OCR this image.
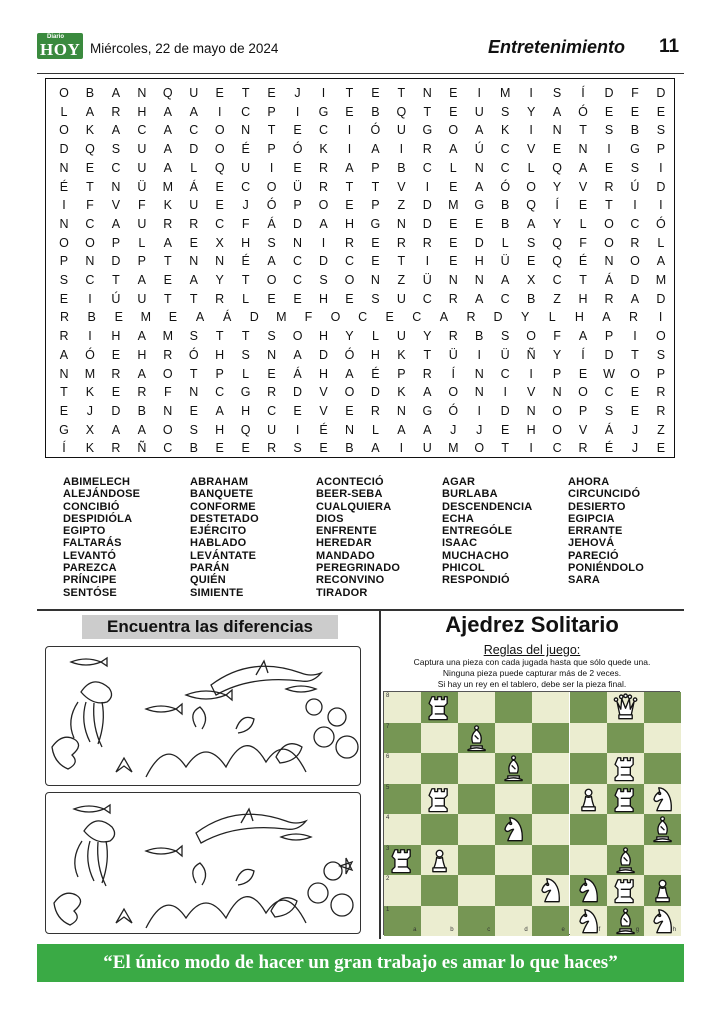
Diario
HOY Miércoles, 22 de mayo de 2024	Entretenimiento 11
O	B	A	N	Q	U	E	T	E	J	I	T	E	T	N	E	I	M	I	S	Í	D	F	D
L	A	R	H	A	A	I	C	P	I	G	E	B	Q	T	E	U	S	Y	A	Ó	E	E	E
O	K	A	C	A	C	O	N	T	E	C	I	Ó	U	G	O	A	K	I	N	T	S	B	S
D	Q	S	U	A	D	O	É	P	Ó	K	I	A	I	R	A	Ú	C	V	E	N	I	G	P
N	E	C	U	A	L	Q	U	I	E	R	A	P	B	C	L	N	C	L	Q	A	E	S	I
É	T	N	Ü	M	Á	E	C	O	Ü	R	T	T	V	I	E	A	Ó	O	Y	V	R	Ú	D
I	F	V	F	K	U	E	J	Ó	P	O	E	P	Z	D	M	G	B	Q	Í	E	T	I	I
N	C	A	U	R	R	C	F	Á	D	A	H	G	N	D	E	E	B	A	Y	L	O	C	Ó
O	O	P	L	A	E	X	H	S	N	I	R	E	R	R	E	D	L	S	Q	F	O	R	L
P	N	D	P	T	N	N	É	A	C	D	C	E	T	I	E	H	Ü	E	Q	É	N	O	A
S	C	T	A	E	A	Y	T	O	C	S	O	N	Z	Ü	N	N	A	X	C	T	Á	D	M
E	I	Ú	U	T	T	R	L	E	E	H	E	S	U	C	R	A	C	B	Z	H	R	A	D
R	B	E	M	E	A	Á	D	M	F	O	C	E	C	A	R	D	Y	L	H	A	R	I
R	I	H	A	M	S	T	T	S	O	H	Y	L	U	Y	R	B	S	O	F	A	P	I	O
A	Ó	E	H	R	Ó	H	S	N	A	D	Ó	H	K	T	Ü	I	Ü	Ñ	Y	Í	D	T	S
N	M	R	A	O	T	P	L	E	Á	H	A	É	P	R	Í	N	C	I	P	E	W	O	P
T	K	E	R	F	N	C	G	R	D	V	O	D	K	A	O	N	I	V	N	O	C	E	R
E	J	D	B	N	E	A	H	C	E	V	E	R	N	G	Ó	I	D	N	O	P	S	E	R
G	X	A	A	O	S	H	Q	U	I	É	N	L	A	A	J	J	E	H	O	V	Á	J	Z
Í	K	R	Ñ	C	B	E	E	R	S	E	B	A	I	U	M	O	T	I	C	R	É	J	E
ABIMELECH
ALEJÁNDOSE
CONCIBIÓ
DESPIDIÓLA
EGIPTO
FALTARÁS
LEVANTÓ
PAREZCA
PRÍNCIPE
SENTÓSE
ABRAHAM
BANQUETE
CONFORME
DESTETADO
EJÉRCITO
HABLADO
LEVÁNTATE
PARÁN
QUIÉN
SIMIENTE
ACONTECIÓ
BEER-SEBA
CUALQUIERA
DIOS
ENFRENTE
HEREDAR
MANDADO
PEREGRINADO
RECONVINO
TIRADOR
AGAR
BURLABA
DESCENDENCIA
ECHA
ENTREGÓLE
ISAAC
MUCHACHO
PHICOL
RESPONDIÓ
AHORA
CIRCUNCIDÓ
DESIERTO
EGIPCIA
ERRANTE
JEHOVÁ
PARECIÓ
PONIÉNDOLO
SARA
Encuentra las diferencias	Ajedrez Solitario
Reglas del juego:
Captura una pieza con cada jugada hasta que sólo quede una.
Ninguna pieza puede capturar más de 2 veces.
Si hay un rey en el tablero, debe ser la pieza final.
8
7
6
5
4
3
2
1
a	b	c	d	e	f	g	h
“El único modo de hacer un gran trabajo es amar lo que haces”
